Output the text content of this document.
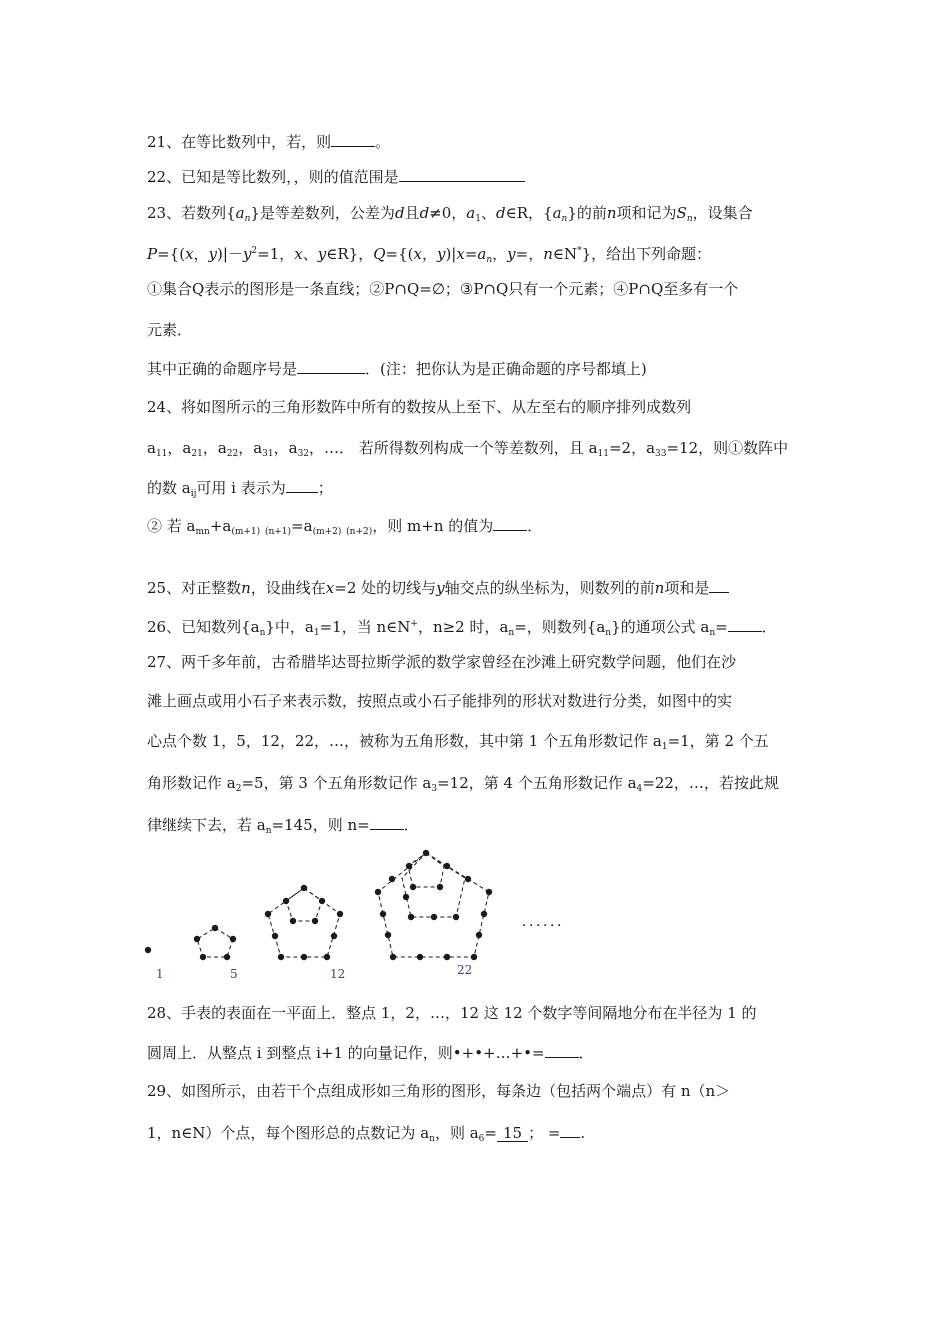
21、在等比数列中，若，则	。
22、已知是等比数列，，则的值范围是
23、若数列$\{a_n\}$是等差数列，公差为d且d≠0，$a_1$、d∈R，$\{a_n\}$的前n项和记为$S_n$，设集合
P={(x，$y)|-y^2=1$，x、y∈R}，Q={(x，$y)|x=a_n$，y=，n∈N*}，给出下列命题：
①集合Q表示的图形是一条直线；②P∩Q=∅；③P∩Q只有一个元素；④P∩Q至多有一个
元素．
其中正确的命题序号是	．(注：把你认为是正确命题的序号都填上)
24、将如图所示的三角形数阵中所有的数按从上至下、从左至右的顺序排列成数列
$a_{11}$，$a_{21}$，$a_{22}$，$a_{31}$，$a_{32}$，…． 若所得数列构成一个等差数列，且 $a_{11}=2$，$a_{33}=12$，则①数阵中
的数 $a_{ij}$可用 i 表示为 ；
② 若 $a_{mn}+a_{(m+1)}$ $_{(n+1)}=a_{(m+2)}$ $_{(n+2)}$，则 m+n 的值为 ．
25、对正整数n，设曲线在x=2 处的切线与y轴交点的纵坐标为，则数列的前n项和是
26、已知数列$\{a_n\}$中，$a_1=1$，当 n∈N+，n≥2 时，$a_n=$，则数列$\{a_n\}$的通项公式 $a_n=$ ．
27、两千多年前，古希腊毕达哥拉斯学派的数学家曾经在沙滩上研究数学问题，他们在沙
滩上画点或用小石子来表示数，按照点或小石子能排列的形状对数进行分类，如图中的实
心点个数 1，5，12，22，…，被称为五角形数，其中第 1 个五角形数记作 $a_1=1$，第 2 个五
角形数记作 $a_2=5$，第 3 个五角形数记作 $a_3=12$，第 4 个五角形数记作 $a_4=22$，…，若按此规
律继续下去，若 $a_n=145$，则 n= ．
1	5	12	22
．．．．．．
28、手表的表面在一平面上．整点 1，2，…，12 这 12 个数字等间隔地分布在半径为 1 的
圆周上．从整点 i 到整点 i+1 的向量记作，则•+•+…+•= ．
29、如图所示，由若干个点组成形如三角形的图形，每条边（包括两个端点）有 n（n＞
1，n∈N）个点，每个图形总的点数记为 $a_n$，则 $a_6= 15$ ； = .
